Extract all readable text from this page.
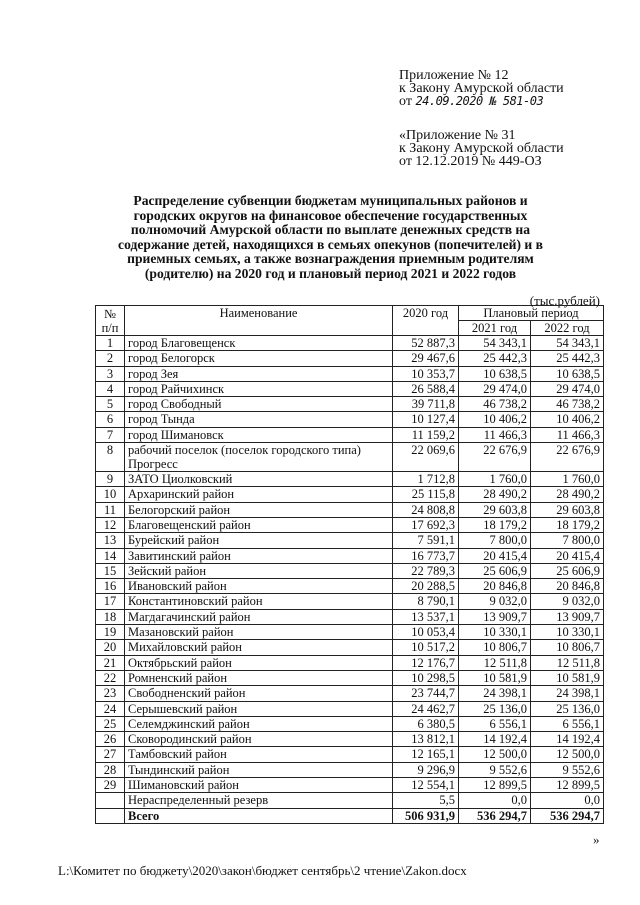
Приложение № 12
к Закону Амурской области
от 24.09.2020 № 581-03
«Приложение № 31
к Закону Амурской области
от 12.12.2019 № 449-ОЗ
Распределение субвенции бюджетам муниципальных районов и городских округов на финансовое обеспечение государственных полномочий Амурской области по выплате денежных средств на содержание детей, находящихся в семьях опекунов (попечителей) и в приемных семьях, а также вознаграждения приемным родителям (родителю) на 2020 год и плановый период 2021 и 2022 годов
(тыс.рублей)
№ п/п	Наименование	2020 год	Плановый период	
			2021 год	2022 год
1	город Благовещенск	52 887,3	54 343,1	54 343,1
2	город Белогорск	29 467,6	25 442,3	25 442,3
3	город Зея	10 353,7	10 638,5	10 638,5
4	город Райчихинск	26 588,4	29 474,0	29 474,0
5	город Свободный	39 711,8	46 738,2	46 738,2
6	город Тында	10 127,4	10 406,2	10 406,2
7	город Шимановск	11 159,2	11 466,3	11 466,3
8	рабочий поселок (поселок городского типа) Прогресс	22 069,6	22 676,9	22 676,9
9	ЗАТО Циолковский	1 712,8	1 760,0	1 760,0
10	Архаринский район	25 115,8	28 490,2	28 490,2
11	Белогорский район	24 808,8	29 603,8	29 603,8
12	Благовещенский район	17 692,3	18 179,2	18 179,2
13	Бурейский район	7 591,1	7 800,0	7 800,0
14	Завитинский район	16 773,7	20 415,4	20 415,4
15	Зейский район	22 789,3	25 606,9	25 606,9
16	Ивановский район	20 288,5	20 846,8	20 846,8
17	Константиновский район	8 790,1	9 032,0	9 032,0
18	Магдагачинский район	13 537,1	13 909,7	13 909,7
19	Мазановский район	10 053,4	10 330,1	10 330,1
20	Михайловский район	10 517,2	10 806,7	10 806,7
21	Октябрьский район	12 176,7	12 511,8	12 511,8
22	Ромненский район	10 298,5	10 581,9	10 581,9
23	Свободненский район	23 744,7	24 398,1	24 398,1
24	Серышевский район	24 462,7	25 136,0	25 136,0
25	Селемджинский район	6 380,5	6 556,1	6 556,1
26	Сковородинский район	13 812,1	14 192,4	14 192,4
27	Тамбовский район	12 165,1	12 500,0	12 500,0
28	Тындинский район	9 296,9	9 552,6	9 552,6
29	Шимановский район	12 554,1	12 899,5	12 899,5
	Нераспределенный резерв	5,5	0,0	0,0
	Всего	506 931,9	536 294,7	536 294,7
»
L:\Комитет по бюджету\2020\закон\бюджет сентябрь\2 чтение\Zakon.docx
